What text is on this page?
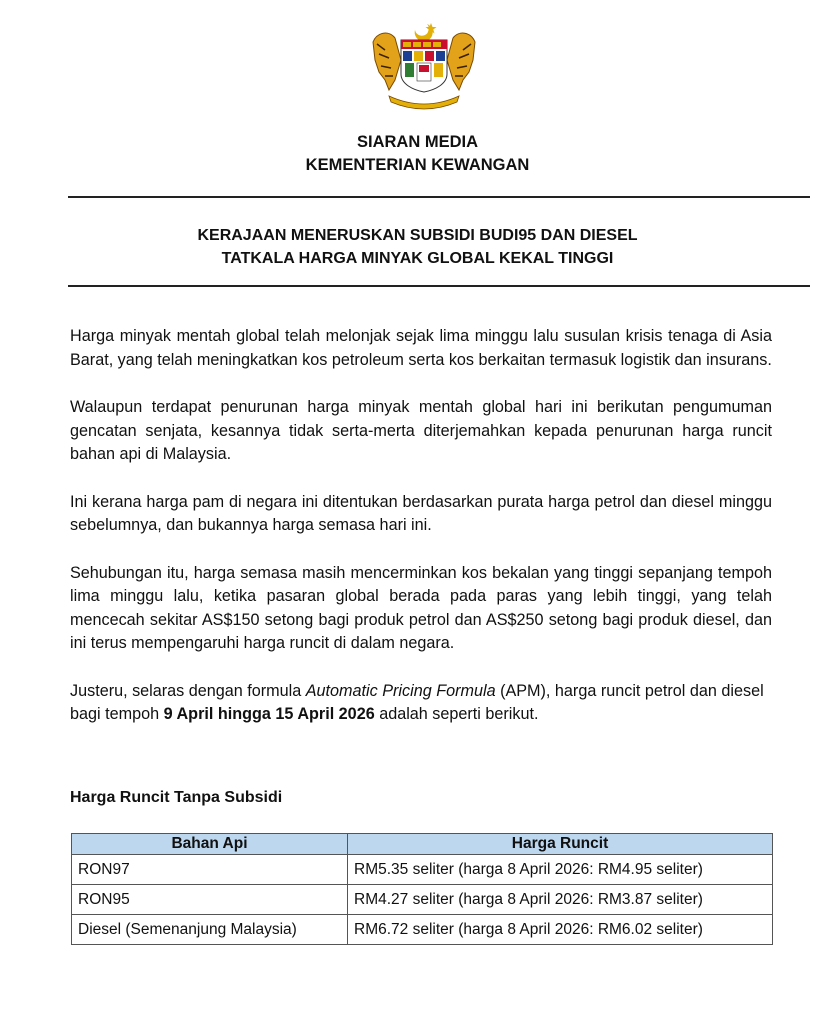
SIARAN MEDIA
KEMENTERIAN KEWANGAN
KERAJAAN MENERUSKAN SUBSIDI BUDI95 DAN DIESEL
TATKALA HARGA MINYAK GLOBAL KEKAL TINGGI

Harga minyak mentah global telah melonjak sejak lima minggu lalu susulan krisis tenaga di Asia Barat, yang telah meningkatkan kos petroleum serta kos berkaitan termasuk logistik dan insurans.

Walaupun terdapat penurunan harga minyak mentah global hari ini berikutan pengumuman gencatan senjata, kesannya tidak serta-merta diterjemahkan kepada penurunan harga runcit bahan api di Malaysia.

Ini kerana harga pam di negara ini ditentukan berdasarkan purata harga petrol dan diesel minggu sebelumnya, dan bukannya harga semasa hari ini.

Sehubungan itu, harga semasa masih mencerminkan kos bekalan yang tinggi sepanjang tempoh lima minggu lalu, ketika pasaran global berada pada paras yang lebih tinggi, yang telah mencecah sekitar AS$150 setong bagi produk petrol dan AS$250 setong bagi produk diesel, dan ini terus mempengaruhi harga runcit di dalam negara.

Justeru, selaras dengan formula Automatic Pricing Formula (APM), harga runcit petrol dan diesel bagi tempoh 9 April hingga 15 April 2026 adalah seperti berikut.

Harga Runcit Tanpa Subsidi
Bahan Api	Harga Runcit
RON97	RM5.35 seliter (harga 8 April 2026: RM4.95 seliter)
RON95	RM4.27 seliter (harga 8 April 2026: RM3.87 seliter)
Diesel (Semenanjung Malaysia)	RM6.72 seliter (harga 8 April 2026: RM6.02 seliter)
